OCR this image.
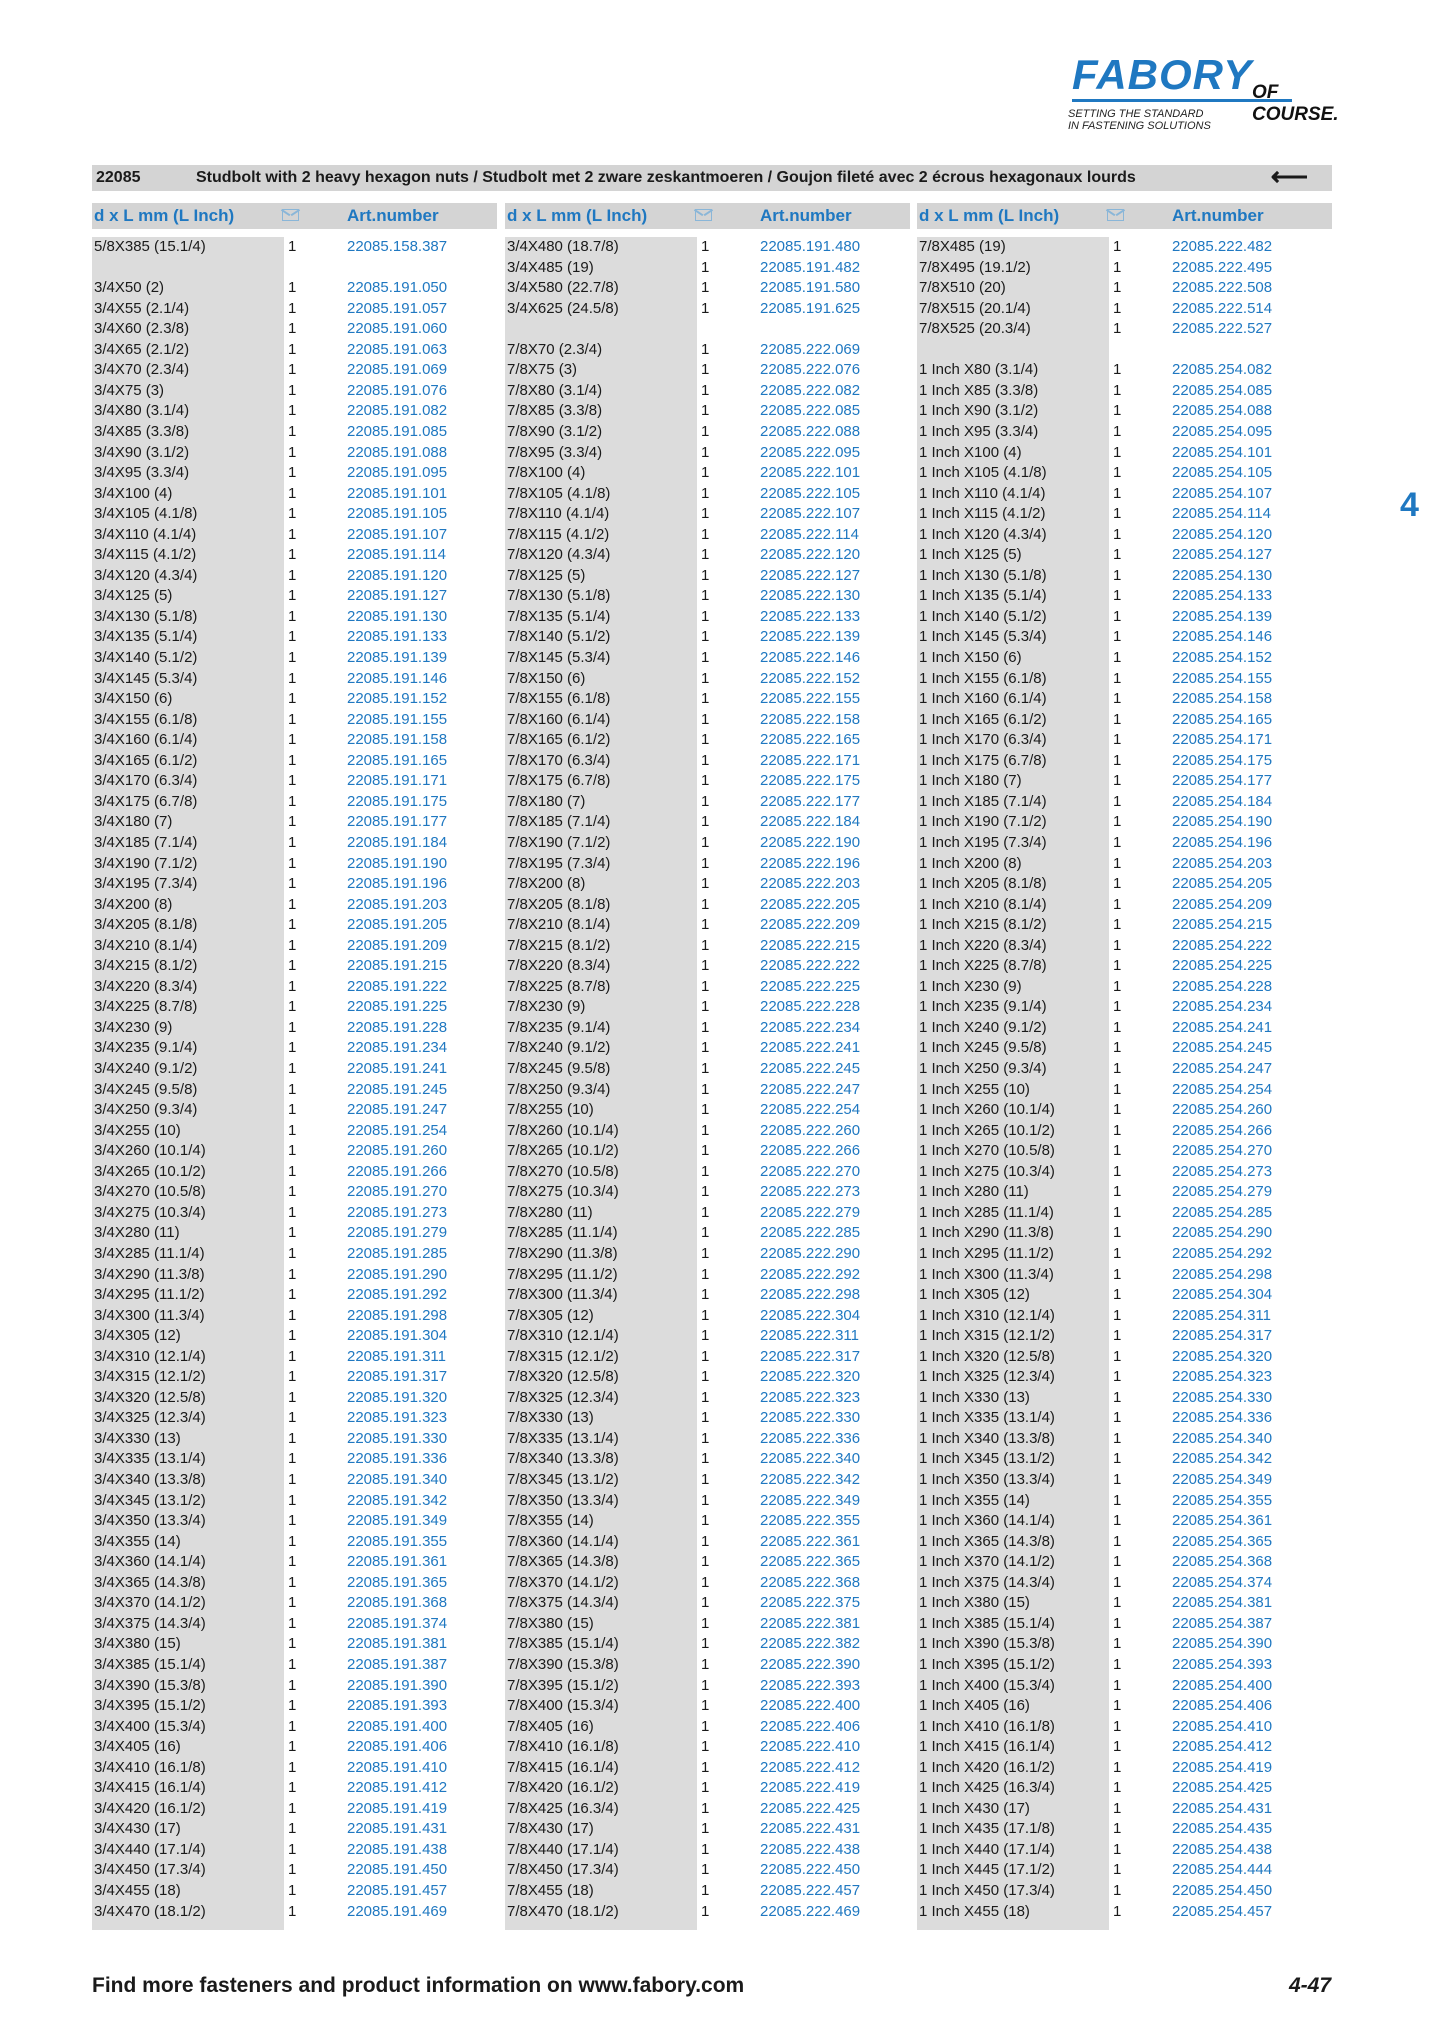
FABORY OF COURSE.
SETTING THE STANDARD
IN FASTENING SOLUTIONS
22085	Studbolt with 2 heavy hexagon nuts / Studbolt met 2 zware zeskantmoeren / Goujon fileté avec 2 écrous hexagonaux lourds	⟵
d x L mm (L Inch)	Art.number
5/8X385 (15.1/4)	1	22085.158.387
3/4X50 (2)	1	22085.191.050
3/4X55 (2.1/4)	1	22085.191.057
3/4X60 (2.3/8)	1	22085.191.060
3/4X65 (2.1/2)	1	22085.191.063
3/4X70 (2.3/4)	1	22085.191.069
3/4X75 (3)	1	22085.191.076
3/4X80 (3.1/4)	1	22085.191.082
3/4X85 (3.3/8)	1	22085.191.085
3/4X90 (3.1/2)	1	22085.191.088
3/4X95 (3.3/4)	1	22085.191.095
3/4X100 (4)	1	22085.191.101
3/4X105 (4.1/8)	1	22085.191.105
3/4X110 (4.1/4)	1	22085.191.107
3/4X115 (4.1/2)	1	22085.191.114
3/4X120 (4.3/4)	1	22085.191.120
3/4X125 (5)	1	22085.191.127
3/4X130 (5.1/8)	1	22085.191.130
3/4X135 (5.1/4)	1	22085.191.133
3/4X140 (5.1/2)	1	22085.191.139
3/4X145 (5.3/4)	1	22085.191.146
3/4X150 (6)	1	22085.191.152
3/4X155 (6.1/8)	1	22085.191.155
3/4X160 (6.1/4)	1	22085.191.158
3/4X165 (6.1/2)	1	22085.191.165
3/4X170 (6.3/4)	1	22085.191.171
3/4X175 (6.7/8)	1	22085.191.175
3/4X180 (7)	1	22085.191.177
3/4X185 (7.1/4)	1	22085.191.184
3/4X190 (7.1/2)	1	22085.191.190
3/4X195 (7.3/4)	1	22085.191.196
3/4X200 (8)	1	22085.191.203
3/4X205 (8.1/8)	1	22085.191.205
3/4X210 (8.1/4)	1	22085.191.209
3/4X215 (8.1/2)	1	22085.191.215
3/4X220 (8.3/4)	1	22085.191.222
3/4X225 (8.7/8)	1	22085.191.225
3/4X230 (9)	1	22085.191.228
3/4X235 (9.1/4)	1	22085.191.234
3/4X240 (9.1/2)	1	22085.191.241
3/4X245 (9.5/8)	1	22085.191.245
3/4X250 (9.3/4)	1	22085.191.247
3/4X255 (10)	1	22085.191.254
3/4X260 (10.1/4)	1	22085.191.260
3/4X265 (10.1/2)	1	22085.191.266
3/4X270 (10.5/8)	1	22085.191.270
3/4X275 (10.3/4)	1	22085.191.273
3/4X280 (11)	1	22085.191.279
3/4X285 (11.1/4)	1	22085.191.285
3/4X290 (11.3/8)	1	22085.191.290
3/4X295 (11.1/2)	1	22085.191.292
3/4X300 (11.3/4)	1	22085.191.298
3/4X305 (12)	1	22085.191.304
3/4X310 (12.1/4)	1	22085.191.311
3/4X315 (12.1/2)	1	22085.191.317
3/4X320 (12.5/8)	1	22085.191.320
3/4X325 (12.3/4)	1	22085.191.323
3/4X330 (13)	1	22085.191.330
3/4X335 (13.1/4)	1	22085.191.336
3/4X340 (13.3/8)	1	22085.191.340
3/4X345 (13.1/2)	1	22085.191.342
3/4X350 (13.3/4)	1	22085.191.349
3/4X355 (14)	1	22085.191.355
3/4X360 (14.1/4)	1	22085.191.361
3/4X365 (14.3/8)	1	22085.191.365
3/4X370 (14.1/2)	1	22085.191.368
3/4X375 (14.3/4)	1	22085.191.374
3/4X380 (15)	1	22085.191.381
3/4X385 (15.1/4)	1	22085.191.387
3/4X390 (15.3/8)	1	22085.191.390
3/4X395 (15.1/2)	1	22085.191.393
3/4X400 (15.3/4)	1	22085.191.400
3/4X405 (16)	1	22085.191.406
3/4X410 (16.1/8)	1	22085.191.410
3/4X415 (16.1/4)	1	22085.191.412
3/4X420 (16.1/2)	1	22085.191.419
3/4X430 (17)	1	22085.191.431
3/4X440 (17.1/4)	1	22085.191.438
3/4X450 (17.3/4)	1	22085.191.450
3/4X455 (18)	1	22085.191.457
3/4X470 (18.1/2)	1	22085.191.469
d x L mm (L Inch)	Art.number
3/4X480 (18.7/8)	1	22085.191.480
3/4X485 (19)	1	22085.191.482
3/4X580 (22.7/8)	1	22085.191.580
3/4X625 (24.5/8)	1	22085.191.625
7/8X70 (2.3/4)	1	22085.222.069
7/8X75 (3)	1	22085.222.076
7/8X80 (3.1/4)	1	22085.222.082
7/8X85 (3.3/8)	1	22085.222.085
7/8X90 (3.1/2)	1	22085.222.088
7/8X95 (3.3/4)	1	22085.222.095
7/8X100 (4)	1	22085.222.101
7/8X105 (4.1/8)	1	22085.222.105
7/8X110 (4.1/4)	1	22085.222.107
7/8X115 (4.1/2)	1	22085.222.114
7/8X120 (4.3/4)	1	22085.222.120
7/8X125 (5)	1	22085.222.127
7/8X130 (5.1/8)	1	22085.222.130
7/8X135 (5.1/4)	1	22085.222.133
7/8X140 (5.1/2)	1	22085.222.139
7/8X145 (5.3/4)	1	22085.222.146
7/8X150 (6)	1	22085.222.152
7/8X155 (6.1/8)	1	22085.222.155
7/8X160 (6.1/4)	1	22085.222.158
7/8X165 (6.1/2)	1	22085.222.165
7/8X170 (6.3/4)	1	22085.222.171
7/8X175 (6.7/8)	1	22085.222.175
7/8X180 (7)	1	22085.222.177
7/8X185 (7.1/4)	1	22085.222.184
7/8X190 (7.1/2)	1	22085.222.190
7/8X195 (7.3/4)	1	22085.222.196
7/8X200 (8)	1	22085.222.203
7/8X205 (8.1/8)	1	22085.222.205
7/8X210 (8.1/4)	1	22085.222.209
7/8X215 (8.1/2)	1	22085.222.215
7/8X220 (8.3/4)	1	22085.222.222
7/8X225 (8.7/8)	1	22085.222.225
7/8X230 (9)	1	22085.222.228
7/8X235 (9.1/4)	1	22085.222.234
7/8X240 (9.1/2)	1	22085.222.241
7/8X245 (9.5/8)	1	22085.222.245
7/8X250 (9.3/4)	1	22085.222.247
7/8X255 (10)	1	22085.222.254
7/8X260 (10.1/4)	1	22085.222.260
7/8X265 (10.1/2)	1	22085.222.266
7/8X270 (10.5/8)	1	22085.222.270
7/8X275 (10.3/4)	1	22085.222.273
7/8X280 (11)	1	22085.222.279
7/8X285 (11.1/4)	1	22085.222.285
7/8X290 (11.3/8)	1	22085.222.290
7/8X295 (11.1/2)	1	22085.222.292
7/8X300 (11.3/4)	1	22085.222.298
7/8X305 (12)	1	22085.222.304
7/8X310 (12.1/4)	1	22085.222.311
7/8X315 (12.1/2)	1	22085.222.317
7/8X320 (12.5/8)	1	22085.222.320
7/8X325 (12.3/4)	1	22085.222.323
7/8X330 (13)	1	22085.222.330
7/8X335 (13.1/4)	1	22085.222.336
7/8X340 (13.3/8)	1	22085.222.340
7/8X345 (13.1/2)	1	22085.222.342
7/8X350 (13.3/4)	1	22085.222.349
7/8X355 (14)	1	22085.222.355
7/8X360 (14.1/4)	1	22085.222.361
7/8X365 (14.3/8)	1	22085.222.365
7/8X370 (14.1/2)	1	22085.222.368
7/8X375 (14.3/4)	1	22085.222.375
7/8X380 (15)	1	22085.222.381
7/8X385 (15.1/4)	1	22085.222.382
7/8X390 (15.3/8)	1	22085.222.390
7/8X395 (15.1/2)	1	22085.222.393
7/8X400 (15.3/4)	1	22085.222.400
7/8X405 (16)	1	22085.222.406
7/8X410 (16.1/8)	1	22085.222.410
7/8X415 (16.1/4)	1	22085.222.412
7/8X420 (16.1/2)	1	22085.222.419
7/8X425 (16.3/4)	1	22085.222.425
7/8X430 (17)	1	22085.222.431
7/8X440 (17.1/4)	1	22085.222.438
7/8X450 (17.3/4)	1	22085.222.450
7/8X455 (18)	1	22085.222.457
7/8X470 (18.1/2)	1	22085.222.469
d x L mm (L Inch)	Art.number
7/8X485 (19)	1	22085.222.482
7/8X495 (19.1/2)	1	22085.222.495
7/8X510 (20)	1	22085.222.508
7/8X515 (20.1/4)	1	22085.222.514
7/8X525 (20.3/4)	1	22085.222.527
1 Inch X80 (3.1/4)	1	22085.254.082
1 Inch X85 (3.3/8)	1	22085.254.085
1 Inch X90 (3.1/2)	1	22085.254.088
1 Inch X95 (3.3/4)	1	22085.254.095
1 Inch X100 (4)	1	22085.254.101
1 Inch X105 (4.1/8)	1	22085.254.105
1 Inch X110 (4.1/4)	1	22085.254.107
1 Inch X115 (4.1/2)	1	22085.254.114
1 Inch X120 (4.3/4)	1	22085.254.120
1 Inch X125 (5)	1	22085.254.127
1 Inch X130 (5.1/8)	1	22085.254.130
1 Inch X135 (5.1/4)	1	22085.254.133
1 Inch X140 (5.1/2)	1	22085.254.139
1 Inch X145 (5.3/4)	1	22085.254.146
1 Inch X150 (6)	1	22085.254.152
1 Inch X155 (6.1/8)	1	22085.254.155
1 Inch X160 (6.1/4)	1	22085.254.158
1 Inch X165 (6.1/2)	1	22085.254.165
1 Inch X170 (6.3/4)	1	22085.254.171
1 Inch X175 (6.7/8)	1	22085.254.175
1 Inch X180 (7)	1	22085.254.177
1 Inch X185 (7.1/4)	1	22085.254.184
1 Inch X190 (7.1/2)	1	22085.254.190
1 Inch X195 (7.3/4)	1	22085.254.196
1 Inch X200 (8)	1	22085.254.203
1 Inch X205 (8.1/8)	1	22085.254.205
1 Inch X210 (8.1/4)	1	22085.254.209
1 Inch X215 (8.1/2)	1	22085.254.215
1 Inch X220 (8.3/4)	1	22085.254.222
1 Inch X225 (8.7/8)	1	22085.254.225
1 Inch X230 (9)	1	22085.254.228
1 Inch X235 (9.1/4)	1	22085.254.234
1 Inch X240 (9.1/2)	1	22085.254.241
1 Inch X245 (9.5/8)	1	22085.254.245
1 Inch X250 (9.3/4)	1	22085.254.247
1 Inch X255 (10)	1	22085.254.254
1 Inch X260 (10.1/4)	1	22085.254.260
1 Inch X265 (10.1/2)	1	22085.254.266
1 Inch X270 (10.5/8)	1	22085.254.270
1 Inch X275 (10.3/4)	1	22085.254.273
1 Inch X280 (11)	1	22085.254.279
1 Inch X285 (11.1/4)	1	22085.254.285
1 Inch X290 (11.3/8)	1	22085.254.290
1 Inch X295 (11.1/2)	1	22085.254.292
1 Inch X300 (11.3/4)	1	22085.254.298
1 Inch X305 (12)	1	22085.254.304
1 Inch X310 (12.1/4)	1	22085.254.311
1 Inch X315 (12.1/2)	1	22085.254.317
1 Inch X320 (12.5/8)	1	22085.254.320
1 Inch X325 (12.3/4)	1	22085.254.323
1 Inch X330 (13)	1	22085.254.330
1 Inch X335 (13.1/4)	1	22085.254.336
1 Inch X340 (13.3/8)	1	22085.254.340
1 Inch X345 (13.1/2)	1	22085.254.342
1 Inch X350 (13.3/4)	1	22085.254.349
1 Inch X355 (14)	1	22085.254.355
1 Inch X360 (14.1/4)	1	22085.254.361
1 Inch X365 (14.3/8)	1	22085.254.365
1 Inch X370 (14.1/2)	1	22085.254.368
1 Inch X375 (14.3/4)	1	22085.254.374
1 Inch X380 (15)	1	22085.254.381
1 Inch X385 (15.1/4)	1	22085.254.387
1 Inch X390 (15.3/8)	1	22085.254.390
1 Inch X395 (15.1/2)	1	22085.254.393
1 Inch X400 (15.3/4)	1	22085.254.400
1 Inch X405 (16)	1	22085.254.406
1 Inch X410 (16.1/8)	1	22085.254.410
1 Inch X415 (16.1/4)	1	22085.254.412
1 Inch X420 (16.1/2)	1	22085.254.419
1 Inch X425 (16.3/4)	1	22085.254.425
1 Inch X430 (17)	1	22085.254.431
1 Inch X435 (17.1/8)	1	22085.254.435
1 Inch X440 (17.1/4)	1	22085.254.438
1 Inch X445 (17.1/2)	1	22085.254.444
1 Inch X450 (17.3/4)	1	22085.254.450
1 Inch X455 (18)	1	22085.254.457
4
Find more fasteners and product information on www.fabory.com	4-47
